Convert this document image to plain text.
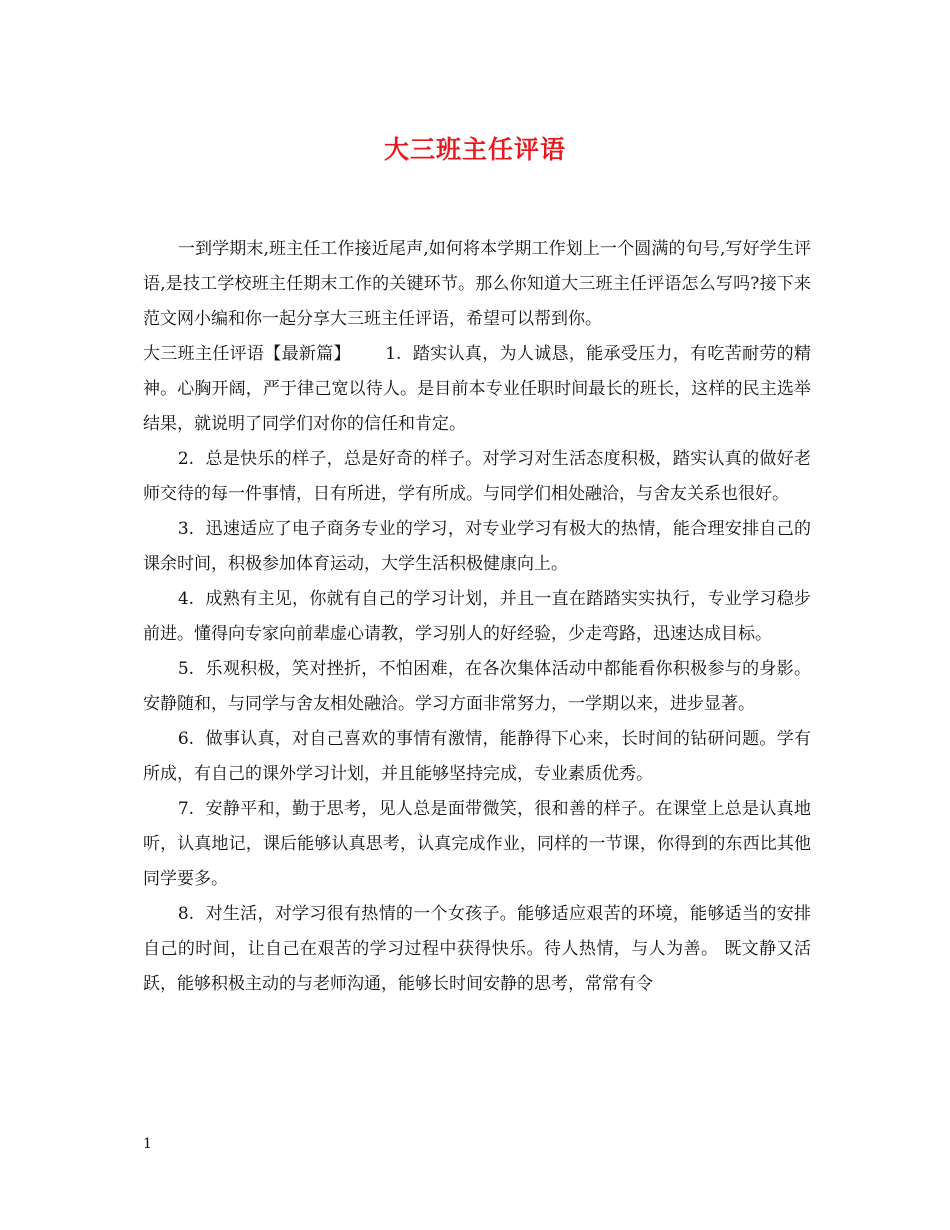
大三班主任评语

一到学期末,班主任工作接近尾声,如何将本学期工作划上一个圆满的句号,写好学生评语,是技工学校班主任期末工作的关键环节。那么你知道大三班主任评语怎么写吗?接下来范文网小编和你一起分享大三班主任评语，希望可以帮到你。

大三班主任评语【最新篇】 1. 踏实认真，为人诚恳，能承受压力，有吃苦耐劳的精神。心胸开阔，严于律己宽以待人。是目前本专业任职时间最长的班长，这样的民主选举结果，就说明了同学们对你的信任和肯定。

2. 总是快乐的样子，总是好奇的样子。对学习对生活态度积极，踏实认真的做好老师交待的每一件事情，日有所进，学有所成。与同学们相处融洽，与舍友关系也很好。

3. 迅速适应了电子商务专业的学习，对专业学习有极大的热情，能合理安排自己的课余时间，积极参加体育运动，大学生活积极健康向上。

4. 成熟有主见，你就有自己的学习计划，并且一直在踏踏实实执行，专业学习稳步前进。懂得向专家向前辈虚心请教，学习别人的好经验，少走弯路，迅速达成目标。

5. 乐观积极，笑对挫折，不怕困难，在各次集体活动中都能看你积极参与的身影。安静随和，与同学与舍友相处融洽。学习方面非常努力，一学期以来，进步显著。

6. 做事认真，对自己喜欢的事情有激情，能静得下心来，长时间的钻研问题。学有所成，有自己的课外学习计划，并且能够坚持完成，专业素质优秀。

7. 安静平和，勤于思考，见人总是面带微笑，很和善的样子。在课堂上总是认真地听，认真地记，课后能够认真思考，认真完成作业，同样的一节课，你得到的东西比其他同学要多。

8. 对生活，对学习很有热情的一个女孩子。能够适应艰苦的环境，能够适当的安排自己的时间，让自己在艰苦的学习过程中获得快乐。待人热情，与人为善。 既文静又活跃，能够积极主动的与老师沟通，能够长时间安静的思考，常常有令

1
